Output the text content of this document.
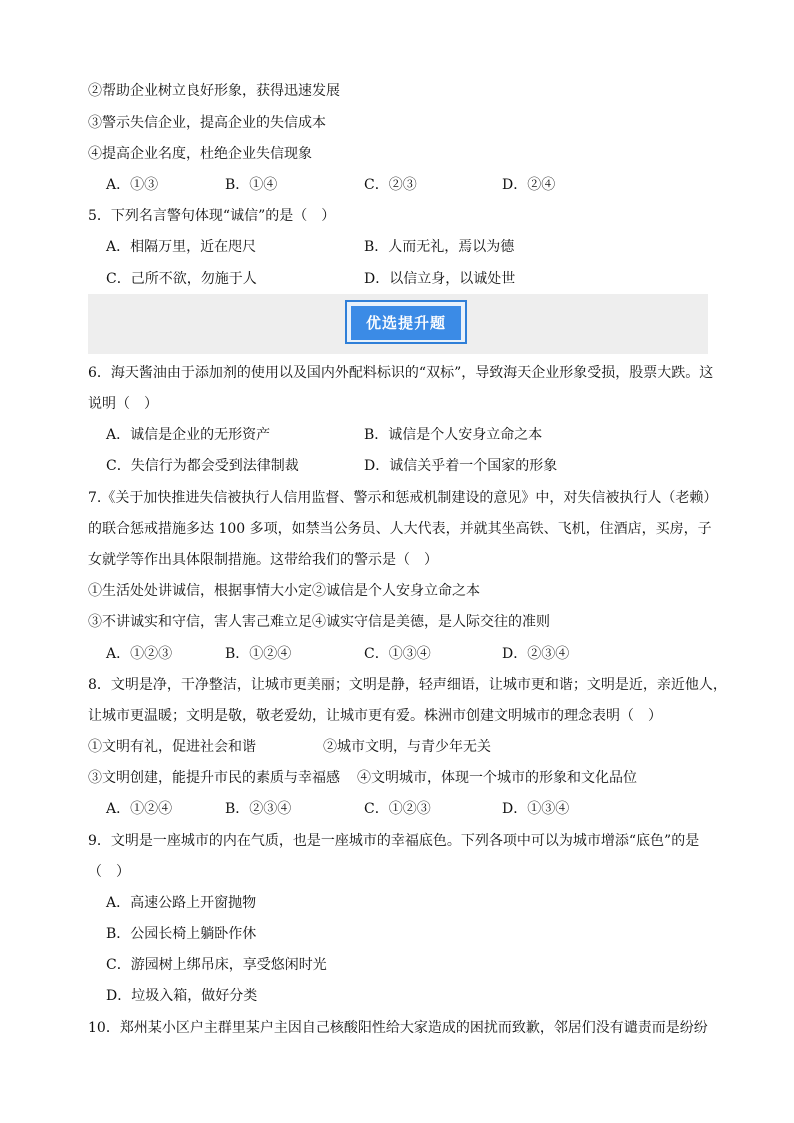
②帮助企业树立良好形象，获得迅速发展
③警示失信企业，提高企业的失信成本
④提高企业名度，杜绝企业失信现象
A．①③	B．①④	C．②③	D．②④
5．下列名言警句体现“诚信”的是（　）
A．相隔万里，近在咫尺	B．人而无礼，焉以为德
C．己所不欲，勿施于人	D．以信立身，以诚处世
优选提升题
6．海天酱油由于添加剂的使用以及国内外配料标识的“双标”，导致海天企业形象受损，股票大跌。这
说明（　）
A．诚信是企业的无形资产	B．诚信是个人安身立命之本
C．失信行为都会受到法律制裁	D．诚信关乎着一个国家的形象
7.《关于加快推进失信被执行人信用监督、警示和惩戒机制建设的意见》中，对失信被执行人（老赖）
的联合惩戒措施多达 100 多项，如禁当公务员、人大代表，并就其坐高铁、飞机，住酒店，买房，子
女就学等作出具体限制措施。这带给我们的警示是（　）
①生活处处讲诚信，根据事情大小定②诚信是个人安身立命之本
③不讲诚实和守信，害人害己难立足④诚实守信是美德，是人际交往的准则
A．①②③	B．①②④	C．①③④	D．②③④
8．文明是净，干净整洁，让城市更美丽；文明是静，轻声细语，让城市更和谐；文明是近，亲近他人，
让城市更温暖；文明是敬，敬老爱幼，让城市更有爱。株洲市创建文明城市的理念表明（　）
①文明有礼，促进社会和谐	②城市文明，与青少年无关
③文明创建，能提升市民的素质与幸福感 ④文明城市，体现一个城市的形象和文化品位
A．①②④	B．②③④	C．①②③	D．①③④
9．文明是一座城市的内在气质，也是一座城市的幸福底色。下列各项中可以为城市增添“底色”的是
（　）
A．高速公路上开窗抛物
B．公园长椅上躺卧作休
C．游园树上绑吊床，享受悠闲时光
D．垃圾入箱，做好分类
10．郑州某小区户主群里某户主因自己核酸阳性给大家造成的困扰而致歉，邻居们没有谴责而是纷纷
